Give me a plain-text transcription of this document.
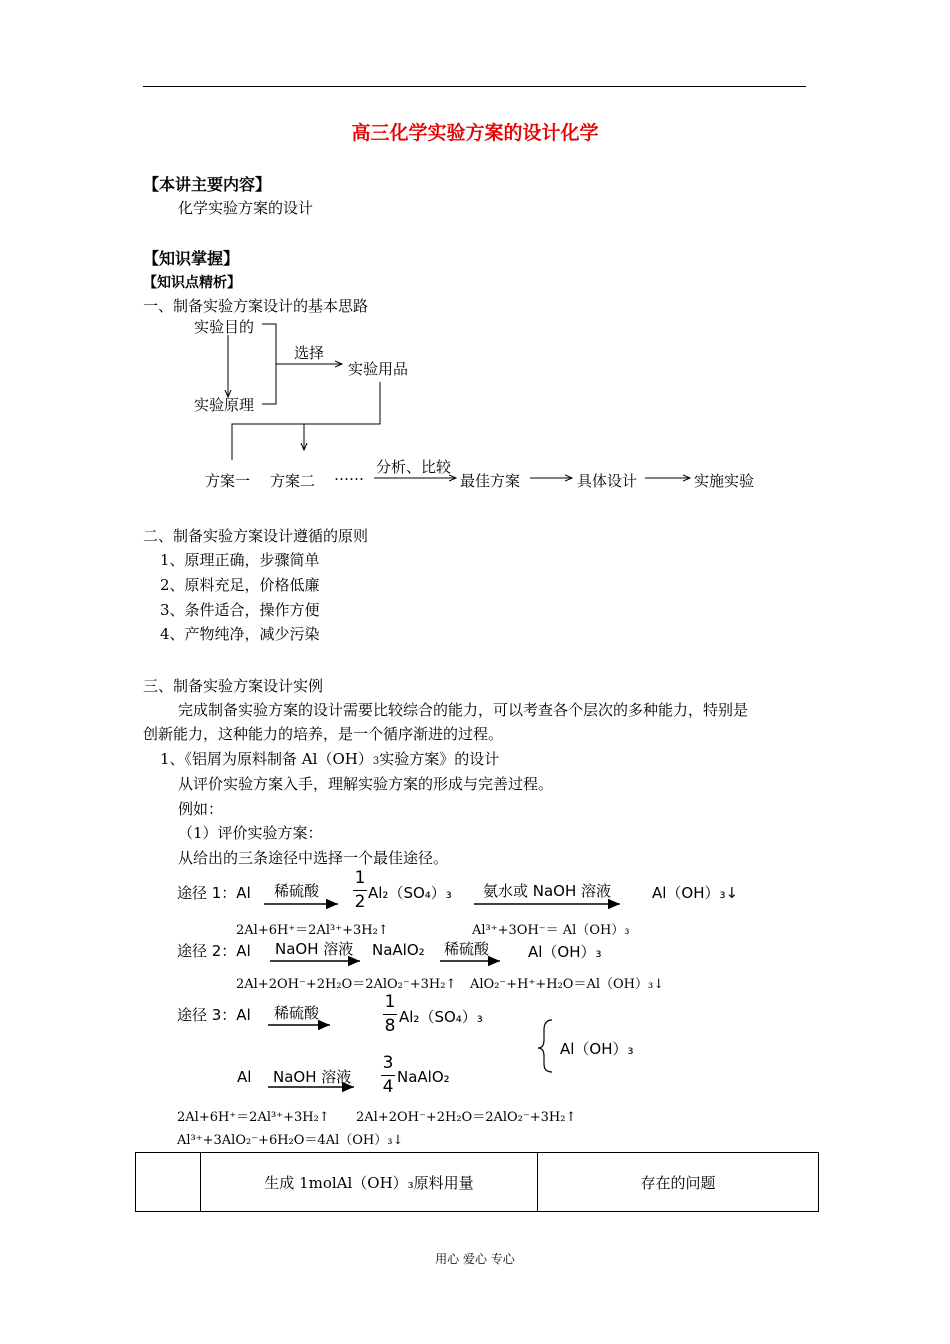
高三化学实验方案的设计化学
【本讲主要内容】
化学实验方案的设计
【知识掌握】
【知识点精析】
一、制备实验方案设计的基本思路
实验目的
实验原理
选择
实验用品
方案一 方案二 …… 分析、比较
最佳方案	具体设计	实施实验
二、制备实验方案设计遵循的原则
1、原理正确，步骤简单
2、原料充足，价格低廉
3、条件适合，操作方便
4、产物纯净，减少污染
三、制备实验方案设计实例
完成制备实验方案的设计需要比较综合的能力，可以考查各个层次的多种能力，特别是
创新能力，这种能力的培养，是一个循序渐进的过程。
1、《铝屑为原料制备 Al（OH）3实验方案》的设计
从评价实验方案入手，理解实验方案的形成与完善过程。
例如：
（1）评价实验方案：
从给出的三条途径中选择一个最佳途径。
途径 1：Al 稀硫酸
1
2 Al₂（SO₄）₃ 氨水或 NaOH 溶液	Al（OH）₃↓
2Al+6H⁺＝2Al³⁺+3H₂↑	Al³⁺+3OH⁻＝ Al（OH）₃
途径 2：Al NaOH 溶液 NaAlO₂ 稀硫酸	Al（OH）₃
2Al+2OH⁻+2H₂O＝2AlO₂⁻+3H₂↑ AlO₂⁻+H⁺+H₂O＝Al（OH）₃↓
途径 3：Al 稀硫酸
1
8 Al₂（SO₄）₃
Al NaOH 溶液
3
4 NaAlO₂
Al（OH）₃
2Al+6H⁺＝2Al³⁺+3H₂↑ 2Al+2OH⁻+2H₂O＝2AlO₂⁻+3H₂↑
Al³⁺+3AlO₂⁻+6H₂O＝4Al（OH）₃↓
	生成 1molAl（OH）₃原料用量	存在的问题
用心 爱心 专心
